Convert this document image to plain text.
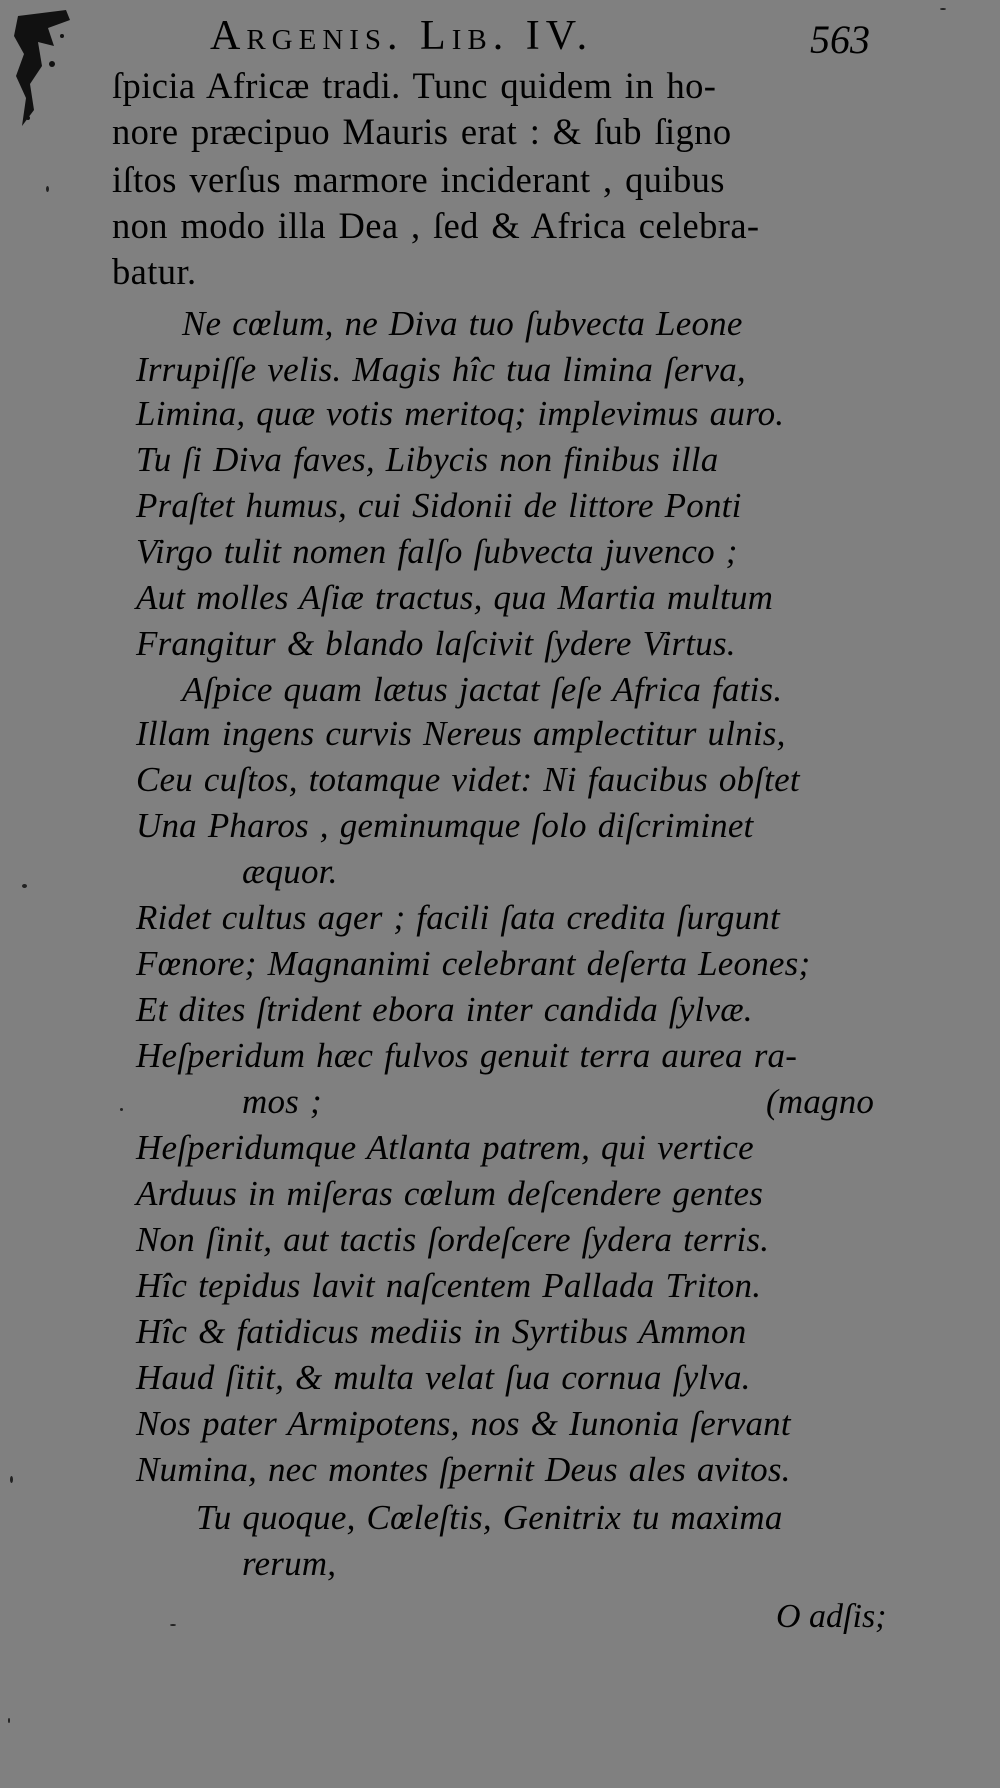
Argenis. Lib. IV.	563
ſpicia Africæ tradi. Tunc quidem in ho-
nore præcipuo Mauris erat : & ſub ſigno
iſtos verſus marmore inciderant , quibus
non modo illa Dea , ſed & Africa celebra-
batur.
Ne cœlum, ne Diva tuo ſubvecta Leone
Irrupiſſe velis. Magis hîc tua limina ſerva,
Limina, quæ votis meritoq; implevimus auro.
Tu ſi Diva faves, Libycis non finibus illa
Praſtet humus, cui Sidonii de littore Ponti
Virgo tulit nomen falſo ſubvecta juvenco ;
Aut molles Aſiæ tractus, qua Martia multum
Frangitur & blando laſcivit ſydere Virtus.
Aſpice quam lætus jactat ſeſe Africa fatis.
Illam ingens curvis Nereus amplectitur ulnis,
Ceu cuſtos, totamque videt: Ni faucibus obſtet
Una Pharos , geminumque ſolo diſcriminet
æquor.
Ridet cultus ager ; facili ſata credita ſurgunt
Fœnore; Magnanimi celebrant deſerta Leones;
Et dites ſtrident ebora inter candida ſylvæ.
Heſperidum hæc fulvos genuit terra aurea ra-
mos ;	(magno
Heſperidumque Atlanta patrem, qui vertice
Arduus in miſeras cœlum deſcendere gentes
Non ſinit, aut tactis ſordeſcere ſydera terris.
Hîc tepidus lavit naſcentem Pallada Triton.
Hîc & fatidicus mediis in Syrtibus Ammon
Haud ſitit, & multa velat ſua cornua ſylva.
Nos pater Armipotens, nos & Iunonia ſervant
Numina, nec montes ſpernit Deus ales avitos.
Tu quoque, Cœleſtis, Genitrix tu maxima
rerum,
O adſis;
